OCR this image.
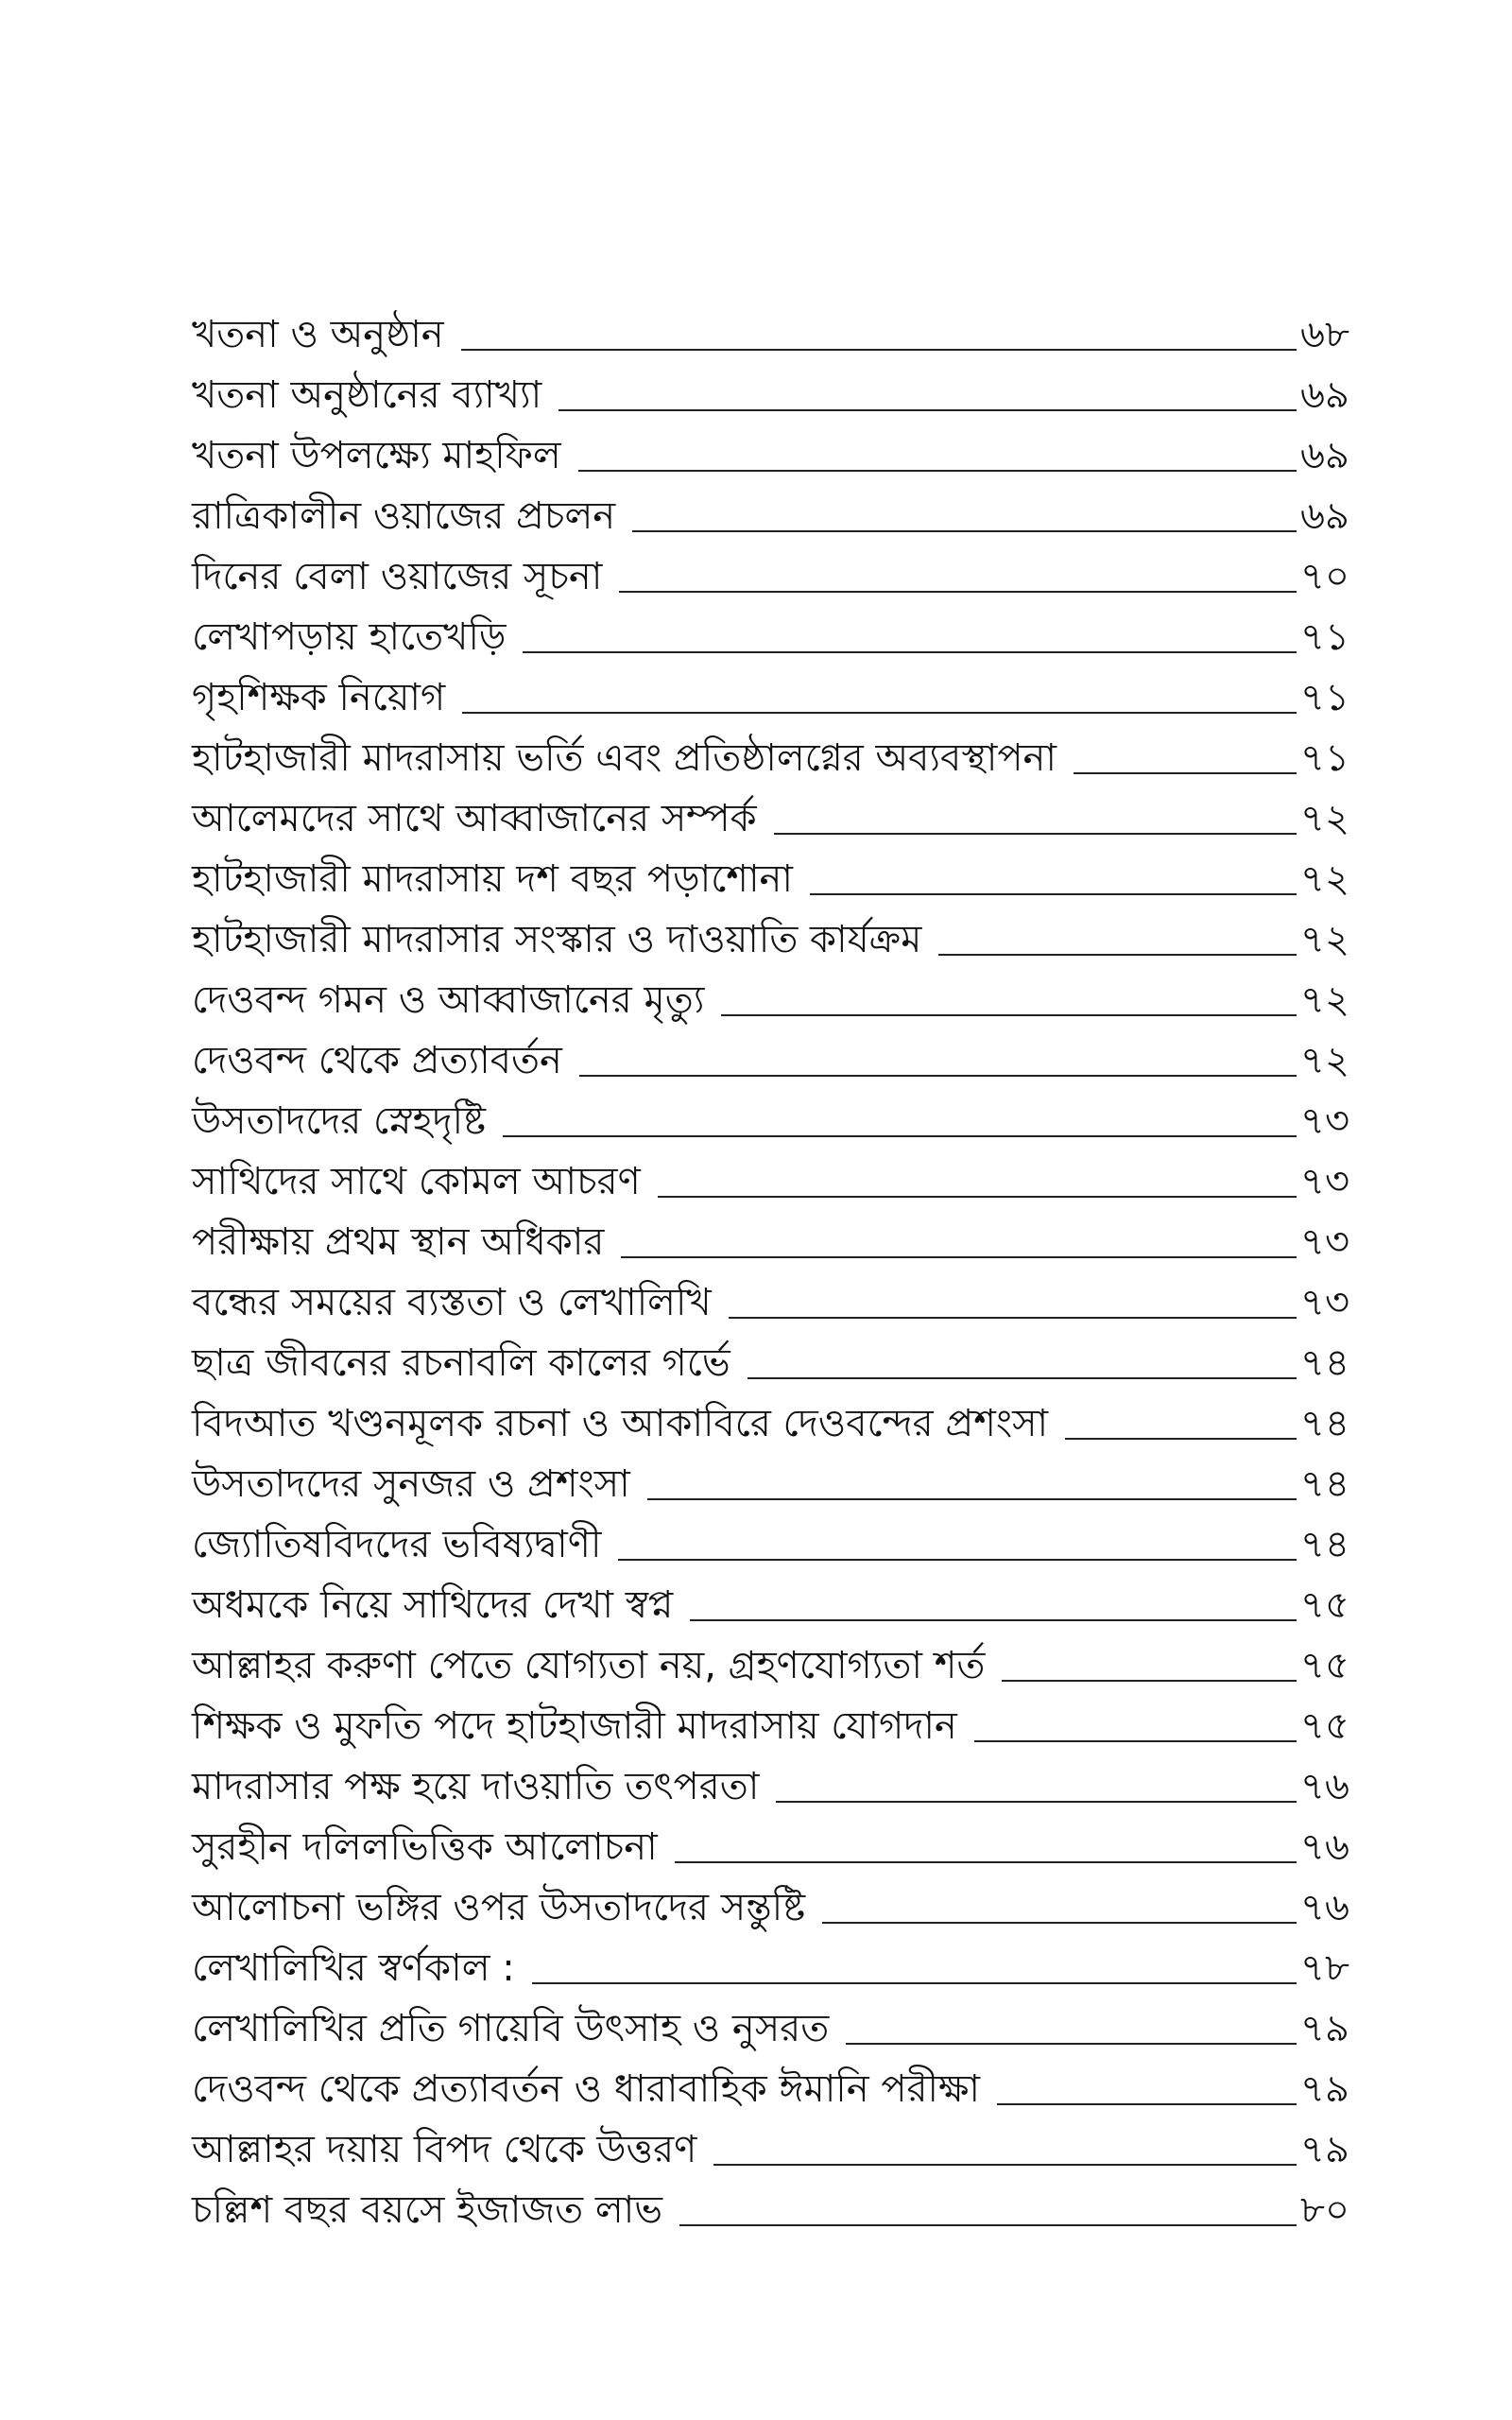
খতনা ও অনুষ্ঠান	৬৮
খতনা অনুষ্ঠানের ব্যাখ্যা	৬৯
খতনা উপলক্ষ্যে মাহফিল	৬৯
রাত্রিকালীন ওয়াজের প্রচলন	৬৯
দিনের বেলা ওয়াজের সূচনা	৭০
লেখাপড়ায় হাতেখড়ি	৭১
গৃহশিক্ষক নিয়োগ	৭১
হাটহাজারী মাদরাসায় ভর্তি এবং প্রতিষ্ঠালগ্নের অব্যবস্থাপনা	৭১
আলেমদের সাথে আব্বাজানের সম্পর্ক	৭২
হাটহাজারী মাদরাসায় দশ বছর পড়াশোনা	৭২
হাটহাজারী মাদরাসার সংস্কার ও দাওয়াতি কার্যক্রম	৭২
দেওবন্দ গমন ও আব্বাজানের মৃত্যু	৭২
দেওবন্দ থেকে প্রত্যাবর্তন	৭২
উসতাদদের স্নেহদৃষ্টি	৭৩
সাথিদের সাথে কোমল আচরণ	৭৩
পরীক্ষায় প্রথম স্থান অধিকার	৭৩
বন্ধের সময়ের ব্যস্ততা ও লেখালিখি	৭৩
ছাত্র জীবনের রচনাবলি কালের গর্ভে	৭৪
বিদআত খণ্ডনমূলক রচনা ও আকাবিরে দেওবন্দের প্রশংসা	৭৪
উসতাদদের সুনজর ও প্রশংসা	৭৪
জ্যোতিষবিদদের ভবিষ্যদ্বাণী	৭৪
অধমকে নিয়ে সাথিদের দেখা স্বপ্ন	৭৫
আল্লাহর করুণা পেতে যোগ্যতা নয়, গ্রহণযোগ্যতা শর্ত	৭৫
শিক্ষক ও মুফতি পদে হাটহাজারী মাদরাসায় যোগদান	৭৫
মাদরাসার পক্ষ হয়ে দাওয়াতি তৎপরতা	৭৬
সুরহীন দলিলভিত্তিক আলোচনা	৭৬
আলোচনা ভঙ্গির ওপর উসতাদদের সন্তুষ্টি	৭৬
লেখালিখির স্বর্ণকাল :	৭৮
লেখালিখির প্রতি গায়েবি উৎসাহ ও নুসরত	৭৯
দেওবন্দ থেকে প্রত্যাবর্তন ও ধারাবাহিক ঈমানি পরীক্ষা	৭৯
আল্লাহর দয়ায় বিপদ থেকে উত্তরণ	৭৯
চল্লিশ বছর বয়সে ইজাজত লাভ	৮০
